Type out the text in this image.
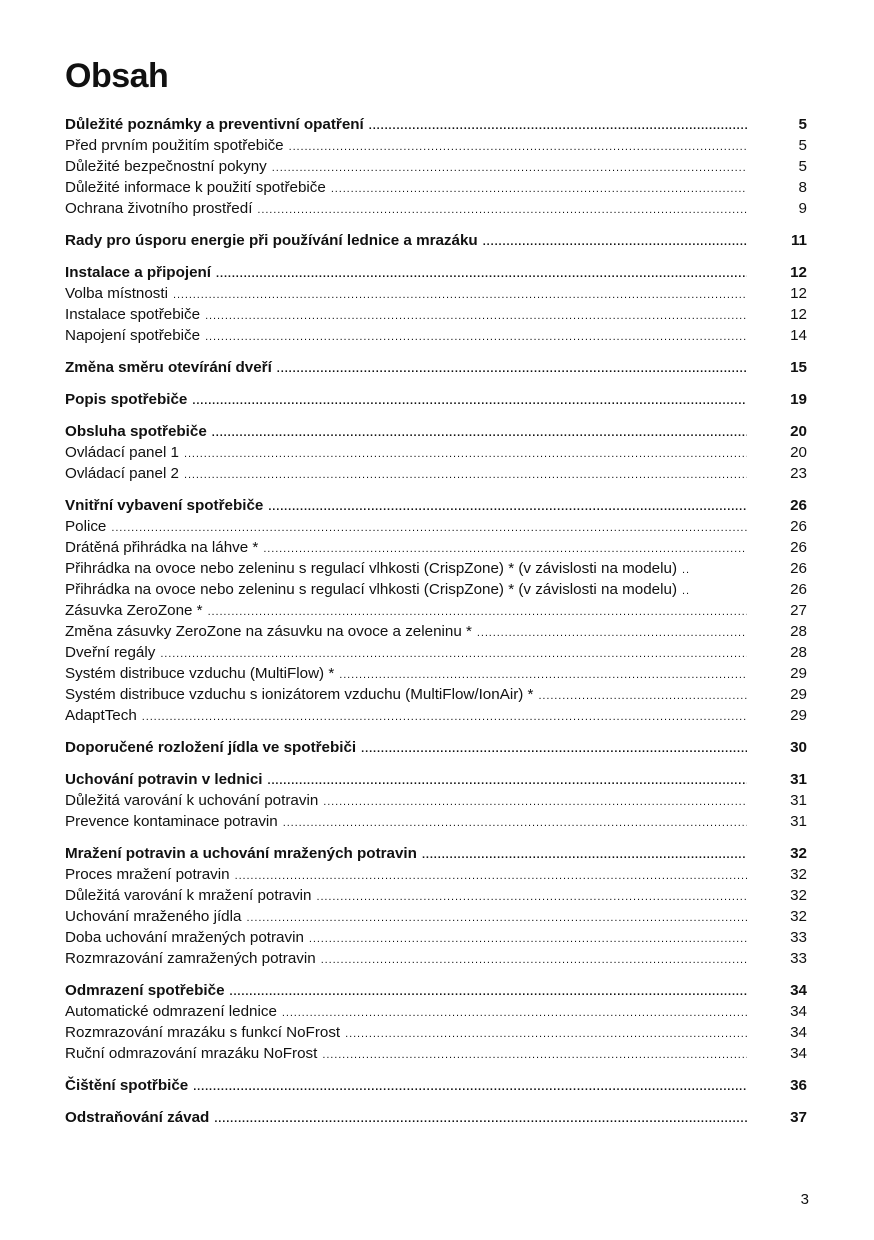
Obsah
Důležité poznámky a preventivní opatření .....	5
Před prvním použitím spotřebiče .....	5
Důležité bezpečnostní pokyny .....	5
Důležité informace k použití spotřebiče .....	8
Ochrana životního prostředí .....	9
Rady pro úsporu energie při používání lednice a mrazáku .....	11
Instalace a připojení .....	12
Volba místnosti .....	12
Instalace spotřebiče .....	12
Napojení spotřebiče .....	14
Změna směru otevírání dveří .....	15
Popis spotřebiče .....	19
Obsluha spotřebiče .....	20
Ovládací panel 1 .....	20
Ovládací panel 2 .....	23
Vnitřní vybavení spotřebiče .....	26
Police .....	26
Drátěná přihrádka na láhve * .....	26
Přihrádka na ovoce nebo zeleninu s regulací vlhkosti (CrispZone) * (v závislosti na modelu) .....	26
Přihrádka na ovoce nebo zeleninu s regulací vlhkosti (CrispZone) * (v závislosti na modelu) .....	26
Zásuvka ZeroZone * .....	27
Změna zásuvky ZeroZone na zásuvku na ovoce a zeleninu * .....	28
Dveřní regály .....	28
Systém distribuce vzduchu (MultiFlow) * .....	29
Systém distribuce vzduchu s ionizátorem vzduchu (MultiFlow/IonAir) * .....	29
AdaptTech .....	29
Doporučené rozložení jídla ve spotřebiči .....	30
Uchování potravin v lednici .....	31
Důležitá varování k uchování potravin .....	31
Prevence kontaminace potravin .....	31
Mražení potravin a uchování mražených potravin .....	32
Proces mražení potravin .....	32
Důležitá varování k mražení potravin .....	32
Uchování mraženého jídla .....	32
Doba uchování mražených potravin .....	33
Rozmrazování zamražených potravin .....	33
Odmrazení spotřebiče .....	34
Automatické odmrazení lednice .....	34
Rozmrazování mrazáku s funkcí NoFrost .....	34
Ruční odmrazování mrazáku NoFrost .....	34
Čištění spotřbiče .....	36
Odstraňování závad .....	37
3
